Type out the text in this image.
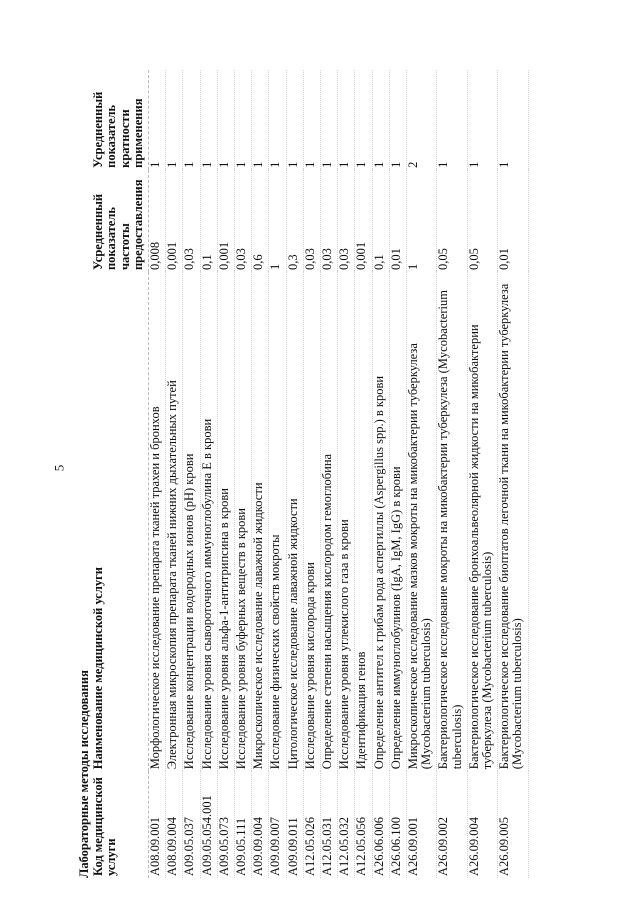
5
Лабораторные методы исследования Код медицинской услуги	Наименование медицинской услуги	Усредненный показатель частоты предоставления	Усредненный показатель кратности применения
A08.09.001	Морфологическое исследование препарата тканей трахеи и бронхов	0,008	1
A08.09.004	Электронная микроскопия препарата тканей нижних дыхательных путей	0,001	1
A09.05.037	Исследование концентрации водородных ионов (pH) крови	0,03	1
A09.05.054.001	Исследование уровня сывороточного иммуноглобулина E в крови	0,1	1
A09.05.073	Исследование уровня альфа-1-антитрипсина в крови	0,001	1
A09.05.111	Исследование уровня буферных веществ в крови	0,03	1
A09.09.004	Микроскопическое исследование лаважной жидкости	0,6	1
A09.09.007	Исследование физических свойств мокроты	1	1
A09.09.011	Цитологическое исследование лаважной жидкости	0,3	1
A12.05.026	Исследование уровня кислорода крови	0,03	1
A12.05.031	Определение степени насыщения кислородом гемоглобина	0,03	1
A12.05.032	Исследование уровня углекислого газа в крови	0,03	1
A12.05.056	Идентификация генов	0,001	1
A26.06.006	Определение антител к грибам рода аспергиллы (Aspergillus spp.) в крови	0,1	1
A26.06.100	Определение иммуноглобулинов (IgA, IgM, IgG) в крови	0,01	1
A26.09.001	Микроскопическое исследование мазков мокроты на микобактерии туберкулеза (Mycobacterium tuberculosis)	1	2
A26.09.002	Бактериологическое исследование мокроты на микобактерии туберкулеза (Mycobacterium tuberculosis)	0,05	1
A26.09.004	Бактериологическое исследование бронхоальвеолярной жидкости на микобактерии туберкулеза (Mycobacterium tuberculosis)	0,05	1
A26.09.005	Бактериологическое исследование биоптатов легочной ткани на микобактерии туберкулеза (Mycobacterium tuberculosis)	0,01	1
